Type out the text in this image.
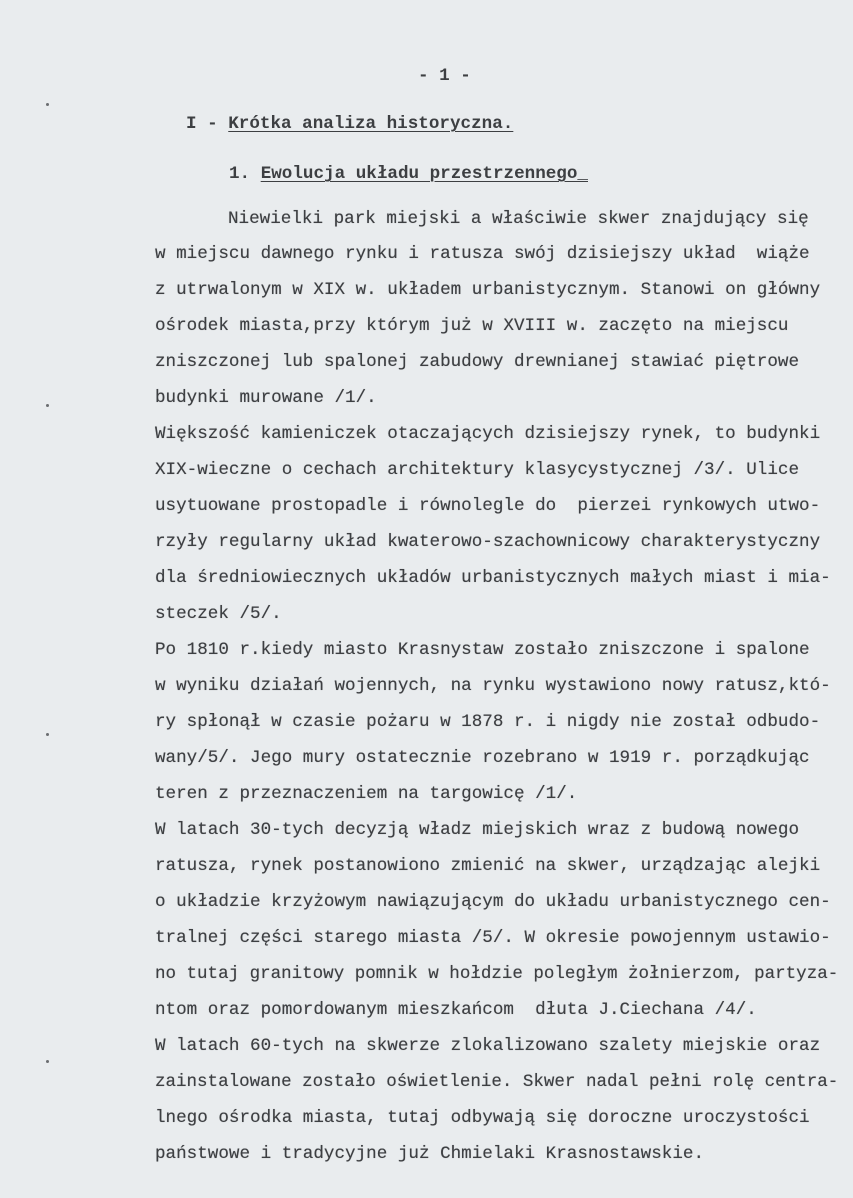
- 1 -
I - Krótka analiza historyczna.
1. Ewolucja układu przestrzennego_
Niewielki park miejski a właściwie skwer znajdujący się
w miejscu dawnego rynku i ratusza swój dzisiejszy układ  wiąże
z utrwalonym w XIX w. układem urbanistycznym. Stanowi on główny
ośrodek miasta,przy którym już w XVIII w. zaczęto na miejscu
zniszczonej lub spalonej zabudowy drewnianej stawiać piętrowe
budynki murowane /1/.
Większość kamieniczek otaczających dzisiejszy rynek, to budynki
XIX-wieczne o cechach architektury klasycystycznej /3/. Ulice
usytuowane prostopadle i równolegle do  pierzei rynkowych utwo-
rzyły regularny układ kwaterowo-szachownicowy charakterystyczny
dla średniowiecznych układów urbanistycznych małych miast i mia-
steczek /5/.
Po 1810 r.kiedy miasto Krasnystaw zostało zniszczone i spalone
w wyniku działań wojennych, na rynku wystawiono nowy ratusz,któ-
ry spłonął w czasie pożaru w 1878 r. i nigdy nie został odbudo-
wany/5/. Jego mury ostatecznie rozebrano w 1919 r. porządkując
teren z przeznaczeniem na targowicę /1/.
W latach 30-tych decyzją władz miejskich wraz z budową nowego
ratusza, rynek postanowiono zmienić na skwer, urządzając alejki
o układzie krzyżowym nawiązującym do układu urbanistycznego cen-
tralnej części starego miasta /5/. W okresie powojennym ustawio-
no tutaj granitowy pomnik w hołdzie poległym żołnierzom, partyza-
ntom oraz pomordowanym mieszkańcom  dłuta J.Ciechana /4/.
W latach 60-tych na skwerze zlokalizowano szalety miejskie oraz
zainstalowane zostało oświetlenie. Skwer nadal pełni rolę centra-
lnego ośrodka miasta, tutaj odbywają się doroczne uroczystości
państwowe i tradycyjne już Chmielaki Krasnostawskie.
